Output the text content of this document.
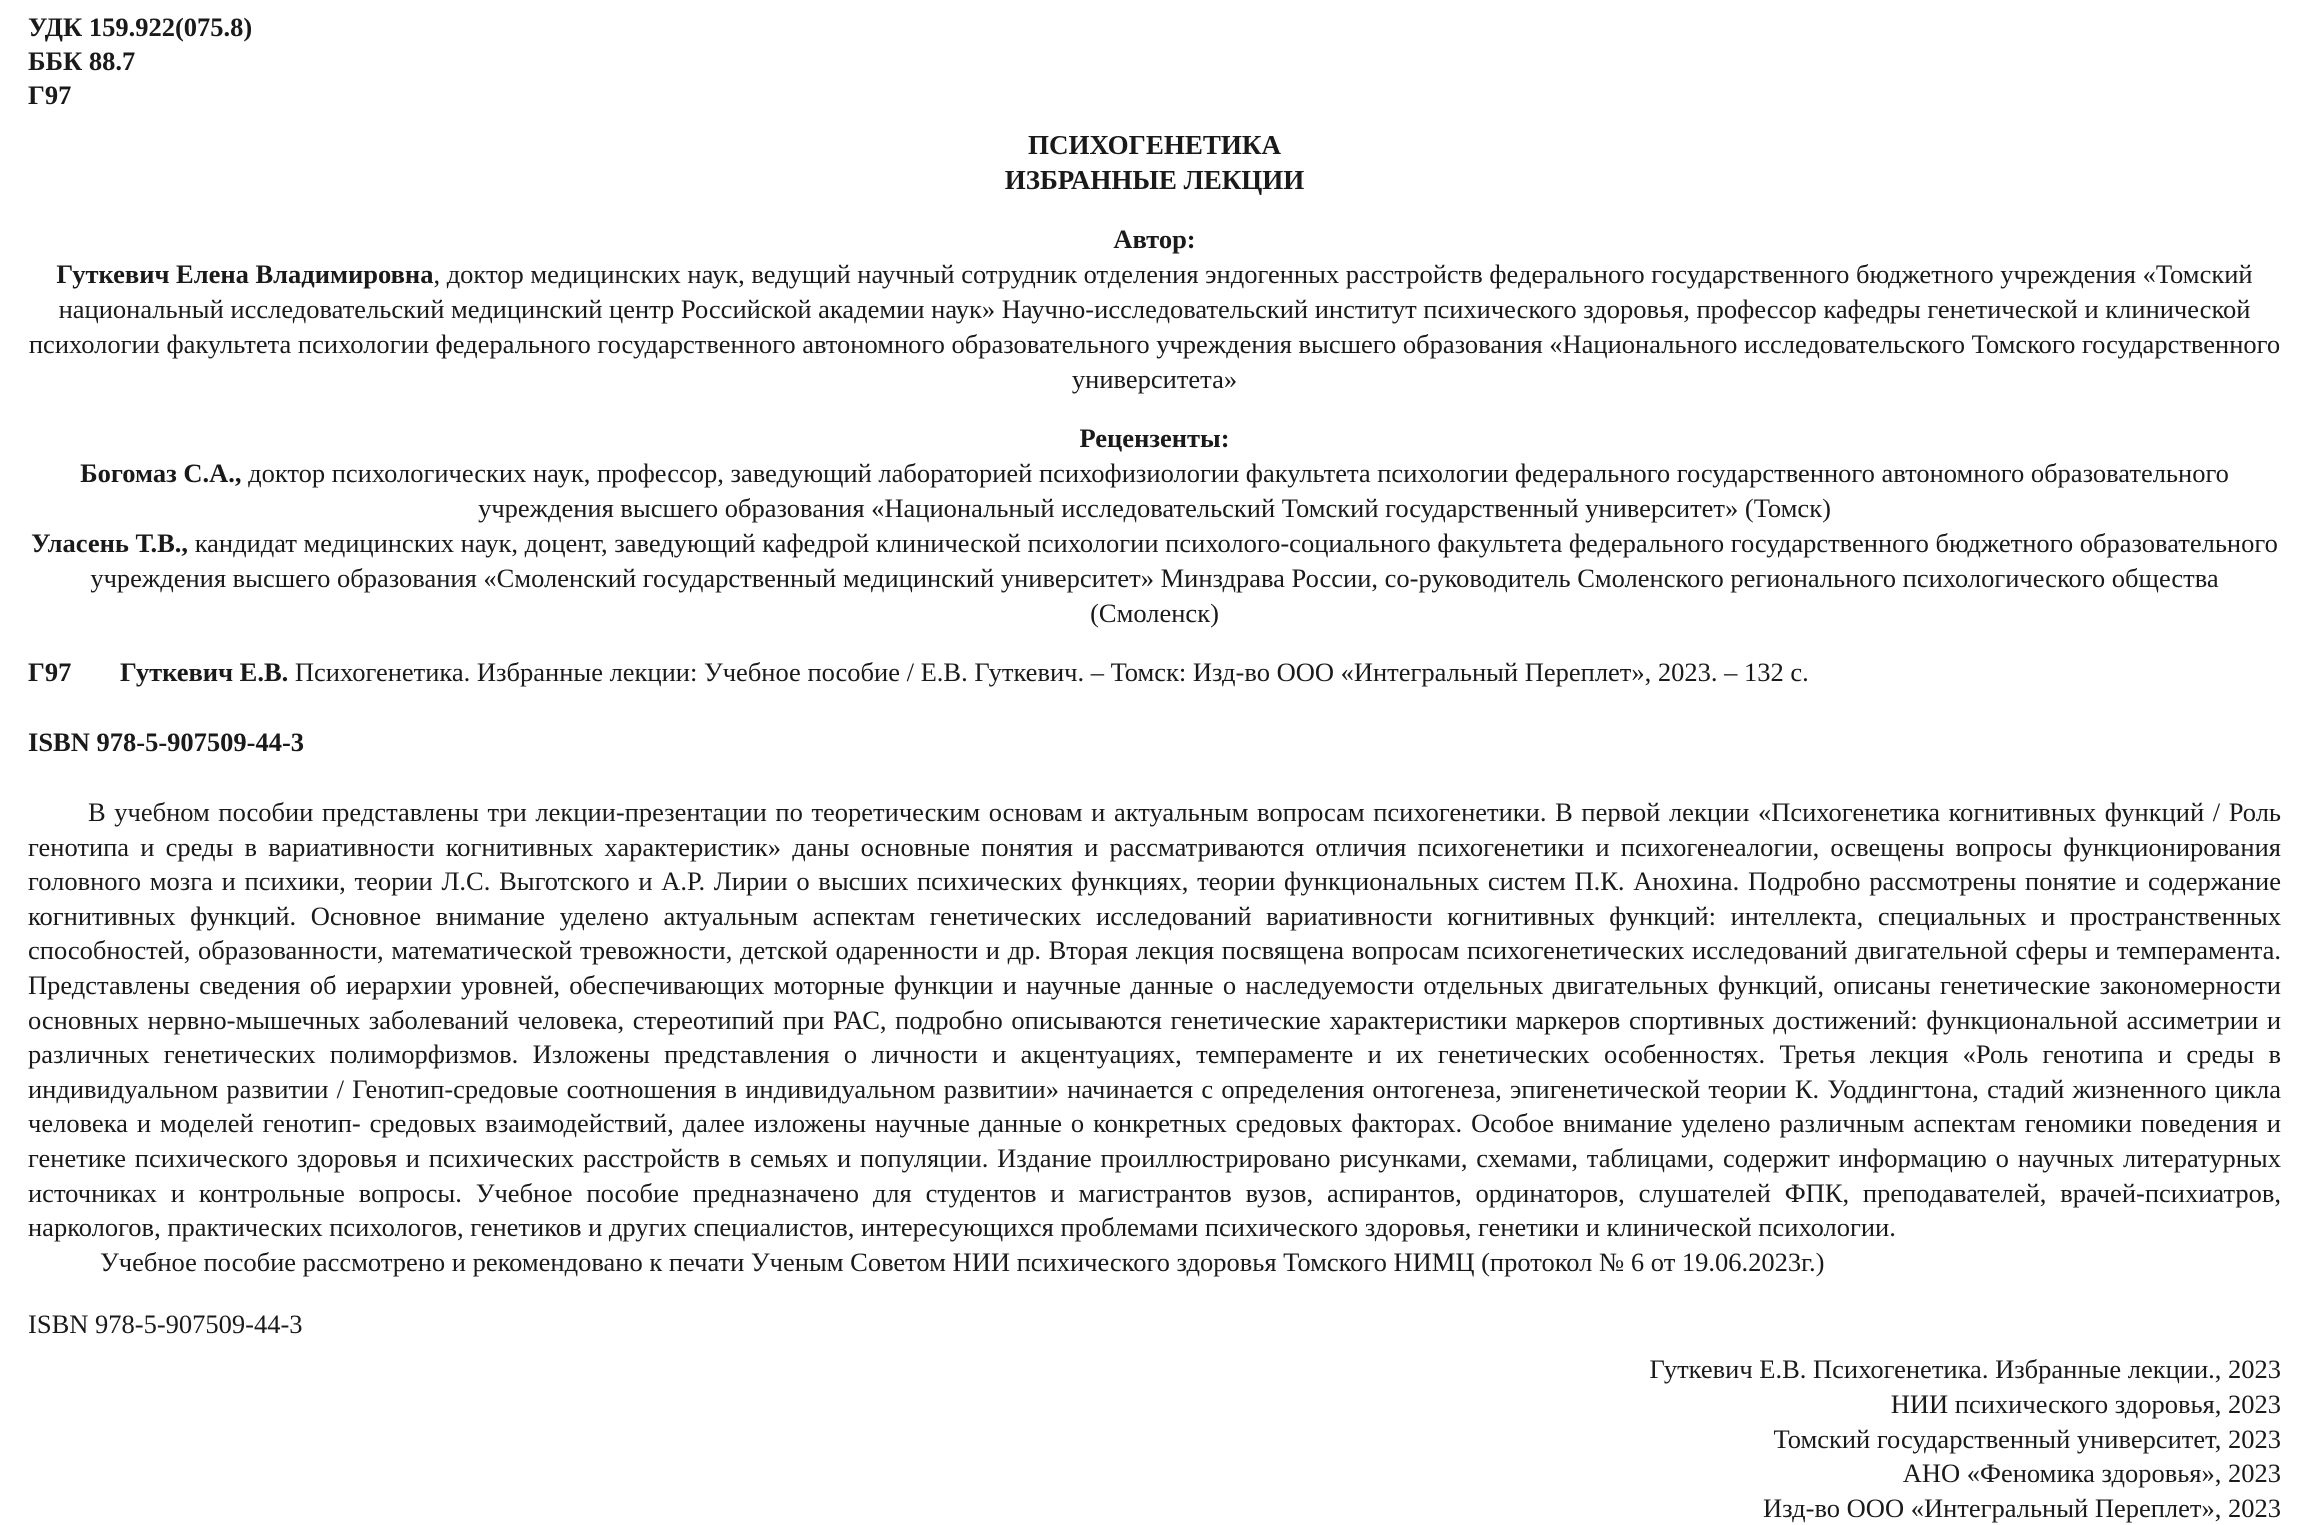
УДК 159.922(075.8)
ББК 88.7
Г97
ПСИХОГЕНЕТИКА
ИЗБРАННЫЕ ЛЕКЦИИ
Автор:
Гуткевич Елена Владимировна, доктор медицинских наук, ведущий научный сотрудник отделения эндогенных расстройств федерального государственного бюджетного учреждения «Томский национальный исследовательский медицинский центр Российской академии наук» Научно-исследовательский институт психического здоровья, профессор кафедры генетической и клинической психологии факультета психологии федерального государственного автономного образовательного учреждения высшего образования «Национального исследовательского Томского государственного университета»
Рецензенты:
Богомаз С.А., доктор психологических наук, профессор, заведующий лабораторией психофизиологии факультета психологии федерального государственного автономного образовательного учреждения высшего образования «Национальный исследовательский Томский государственный университет» (Томск)
Уласень Т.В., кандидат медицинских наук, доцент, заведующий кафедрой клинической психологии психолого-социального факультета федерального государственного бюджетного образовательного учреждения высшего образования «Смоленский государственный медицинский университет» Минздрава России, со-руководитель Смоленского регионального психологического общества (Смоленск)
Г97	Гуткевич Е.В. Психогенетика. Избранные лекции: Учебное пособие / Е.В. Гуткевич. – Томск: Изд-во ООО «Интегральный Переплет», 2023. – 132 с.
ISBN 978-5-907509-44-3
В учебном пособии представлены три лекции-презентации по теоретическим основам и актуальным вопросам психогенетики. В первой лекции «Психогенетика когнитивных функций / Роль генотипа и среды в вариативности когнитивных характеристик» даны основные понятия и рассматриваются отличия психогенетики и психогенеалогии, освещены вопросы функционирования головного мозга и психики, теории Л.С. Выготского и А.Р. Лирии о высших психических функциях, теории функциональных систем П.К. Анохина. Подробно рассмотрены понятие и содержание когнитивных функций. Основное внимание уделено актуальным аспектам генетических исследований вариативности когнитивных функций: интеллекта, специальных и пространственных способностей, образованности, математической тревожности, детской одаренности и др. Вторая лекция посвящена вопросам психогенетических исследований двигательной сферы и темперамента. Представлены сведения об иерархии уровней, обеспечивающих моторные функции и научные данные о наследуемости отдельных двигательных функций, описаны генетические закономерности основных нервно-мышечных заболеваний человека, стереотипий при РАС, подробно описываются генетические характеристики маркеров спортивных достижений: функциональной ассиметрии и различных генетических полиморфизмов. Изложены представления о личности и акцентуациях, темпераменте и их генетических особенностях. Третья лекция «Роль генотипа и среды в индивидуальном развитии / Генотип-средовые соотношения в индивидуальном развитии» начинается с определения онтогенеза, эпигенетической теории К. Уоддингтона, стадий жизненного цикла человека и моделей генотип- средовых взаимодействий, далее изложены научные данные о конкретных средовых факторах. Особое внимание уделено различным аспектам геномики поведения и генетике психического здоровья и психических расстройств в семьях и популяции. Издание проиллюстрировано рисунками, схемами, таблицами, содержит информацию о научных литературных источниках и контрольные вопросы. Учебное пособие предназначено для студентов и магистрантов вузов, аспирантов, ординаторов, слушателей ФПК, преподавателей, врачей-психиатров, наркологов, практических психологов, генетиков и других специалистов, интересующихся проблемами психического здоровья, генетики и клинической психологии.
Учебное пособие рассмотрено и рекомендовано к печати Ученым Советом НИИ психического здоровья Томского НИМЦ (протокол № 6 от 19.06.2023г.)
ISBN 978-5-907509-44-3
Гуткевич Е.В. Психогенетика. Избранные лекции., 2023
НИИ психического здоровья, 2023
Томский государственный университет, 2023
АНО «Феномика здоровья», 2023
Изд-во ООО «Интегральный Переплет», 2023
